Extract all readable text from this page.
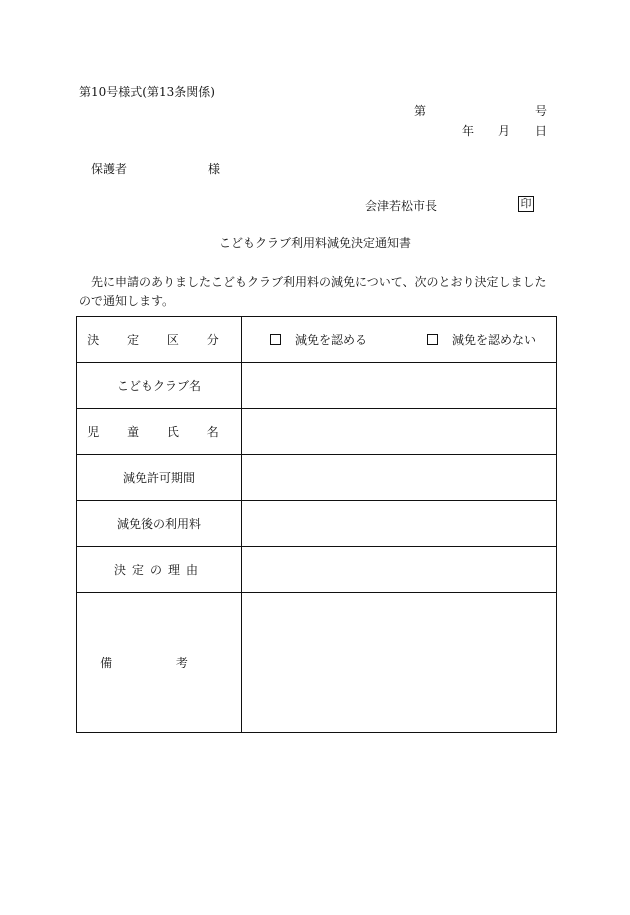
第10号様式(第13条関係)
第	号
年 月 日
保護者	様
会津若松市長	印
こどもクラブ利用料減免決定通知書
先に申請のありましたこどもクラブ利用料の減免について、次のとおり決定しましたので通知します。
決 定 区 分	減免を認める 減免を認めない

こどもクラブ名	
児 童 氏 名	
減免許可期間	
減免後の利用料	
決定の理由	
備 考	
